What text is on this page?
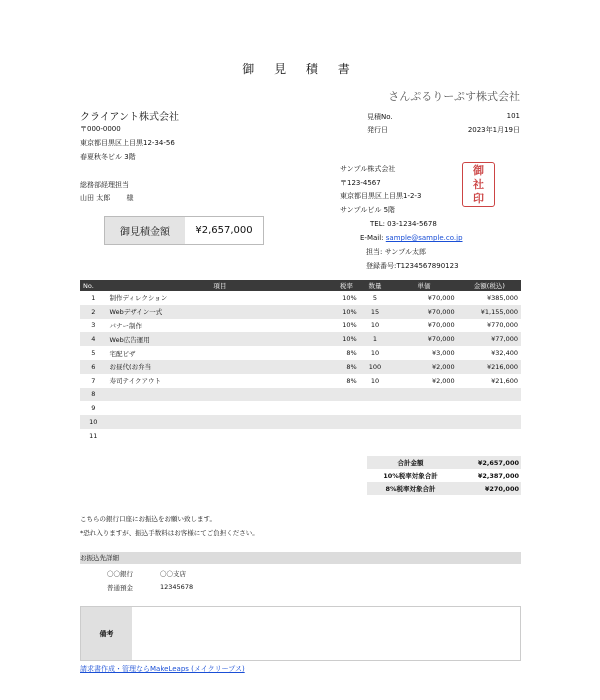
御 見 積 書
さんぷるりーぷす株式会社
クライアント株式会社
〒000-0000
東京都目黒区上目黒12-34-56
春夏秋冬ビル 3階
総務部経理担当
山田 太郎 様
見積No.	101
発行日	2023年1月19日
サンプル株式会社
〒123-4567
東京都目黒区上目黒1-2-3
サンプルビル 5階
TEL: 03-1234-5678
E-Mail: sample@sample.co.jp
担当: サンプル太郎
登録番号:T1234567890123
御
社
印
御見積金額	¥2,657,000
No.	項目	税率	数量	単価	金額(税込)
1	制作ディレクション	10%	5	¥70,000	¥385,000
2	Webデザイン一式	10%	15	¥70,000	¥1,155,000
3	バナー制作	10%	10	¥70,000	¥770,000
4	Web広告運用	10%	1	¥70,000	¥77,000
5	宅配ピザ	8%	10	¥3,000	¥32,400
6	お昼代(お弁当	8%	100	¥2,000	¥216,000
7	寿司テイクアウト	8%	10	¥2,000	¥21,600
8					
9					
10					
11					
合計金額	¥2,657,000
10%税率対象合計	¥2,387,000
8%税率対象合計	¥270,000
こちらの銀行口座にお振込をお願い致します。
*恐れ入りますが、振込手数料はお客様にてご負担ください。
お振込先詳細
〇〇銀行	〇〇支店
普通預金	12345678
備考
請求書作成・管理ならMakeLeaps (メイクリープス)
